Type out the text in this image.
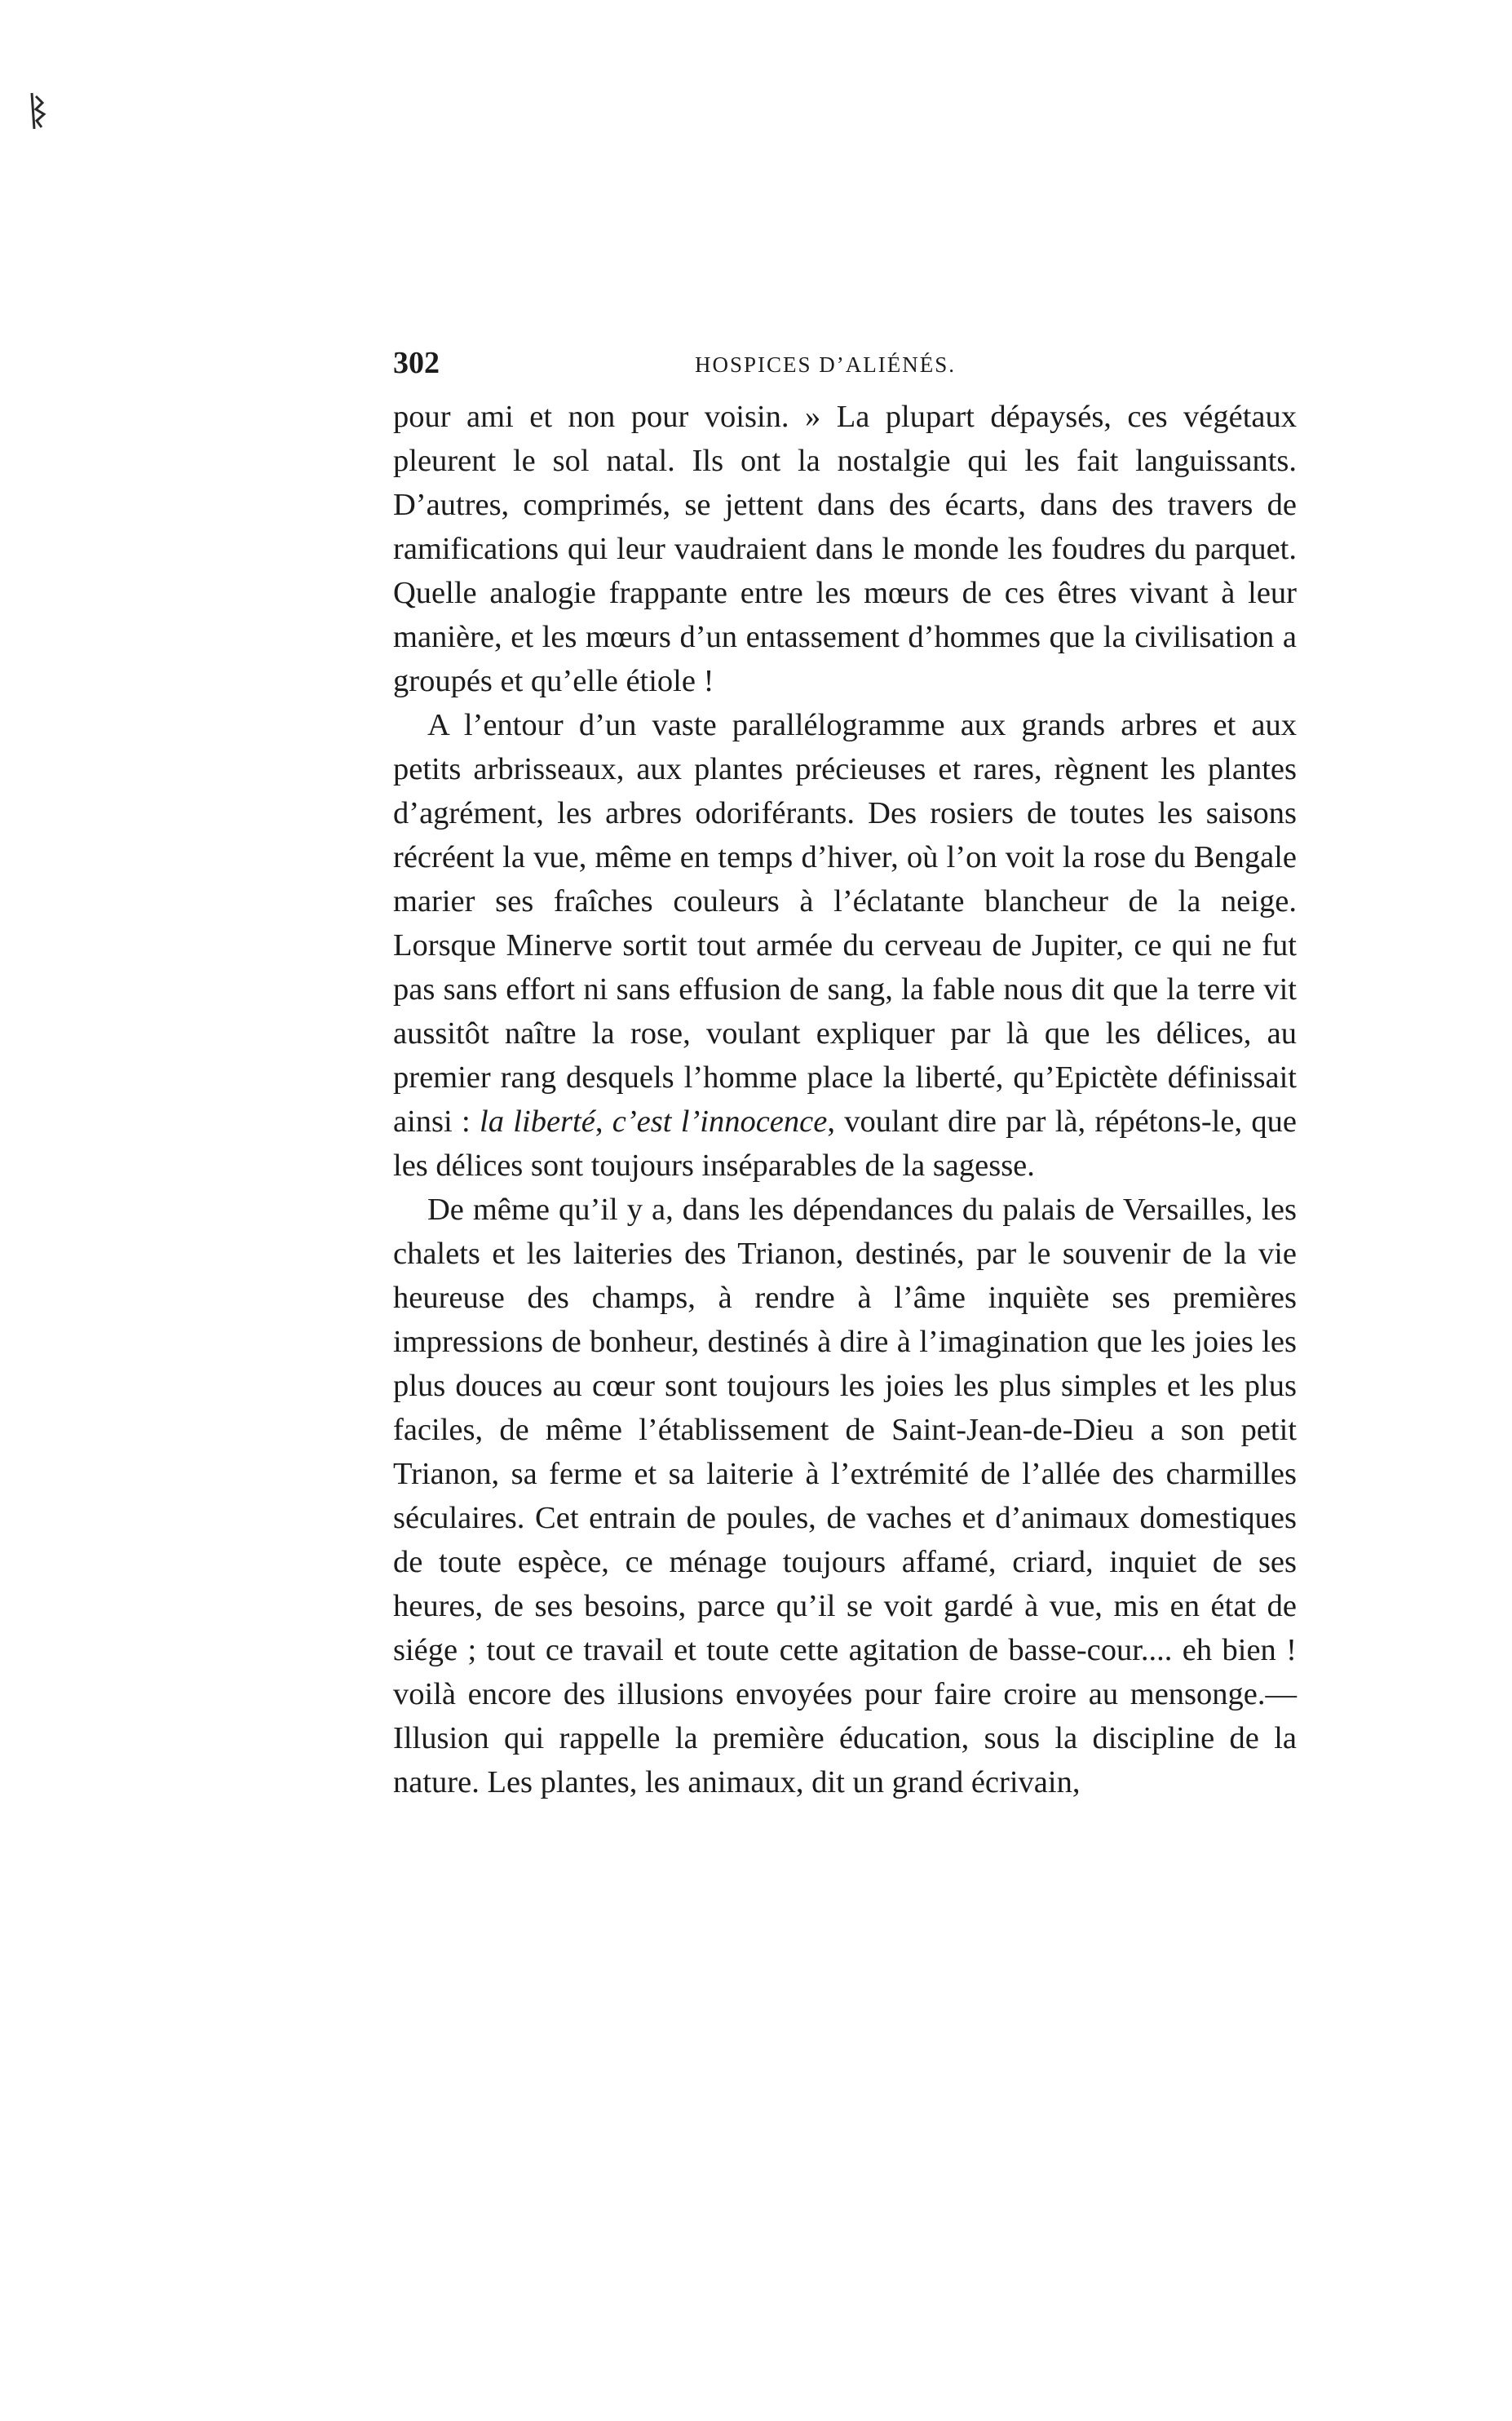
302	HOSPICES D’ALIÉNÉS.

pour ami et non pour voisin. » La plupart dépaysés, ces végétaux pleurent le sol natal. Ils ont la nostalgie qui les fait languissants. D’autres, comprimés, se jettent dans des écarts, dans des travers de ramifications qui leur vaudraient dans le monde les foudres du parquet. Quelle analogie frappante entre les mœurs de ces êtres vivant à leur manière, et les mœurs d’un entassement d’hommes que la civilisation a groupés et qu’elle étiole !

A l’entour d’un vaste parallélogramme aux grands arbres et aux petits arbrisseaux, aux plantes précieuses et rares, règnent les plantes d’agrément, les arbres odoriférants. Des rosiers de toutes les saisons récréent la vue, même en temps d’hiver, où l’on voit la rose du Bengale marier ses fraîches couleurs à l’éclatante blancheur de la neige. Lorsque Minerve sortit tout armée du cerveau de Jupiter, ce qui ne fut pas sans effort ni sans effusion de sang, la fable nous dit que la terre vit aussitôt naître la rose, voulant expliquer par là que les délices, au premier rang desquels l’homme place la liberté, qu’Epictète définissait ainsi : la liberté, c’est l’innocence, voulant dire par là, répétons-le, que les délices sont toujours inséparables de la sagesse.

De même qu’il y a, dans les dépendances du palais de Versailles, les chalets et les laiteries des Trianon, destinés, par le souvenir de la vie heureuse des champs, à rendre à l’âme inquiète ses premières impressions de bonheur, destinés à dire à l’imagination que les joies les plus douces au cœur sont toujours les joies les plus simples et les plus faciles, de même l’établissement de Saint-Jean-de-Dieu a son petit Trianon, sa ferme et sa laiterie à l’extrémité de l’allée des charmilles séculaires. Cet entrain de poules, de vaches et d’animaux domestiques de toute espèce, ce ménage toujours affamé, criard, inquiet de ses heures, de ses besoins, parce qu’il se voit gardé à vue, mis en état de siége ; tout ce travail et toute cette agitation de basse-cour.... eh bien ! voilà encore des illusions envoyées pour faire croire au mensonge.—Illusion qui rappelle la première éducation, sous la discipline de la nature. Les plantes, les animaux, dit un grand écrivain,
